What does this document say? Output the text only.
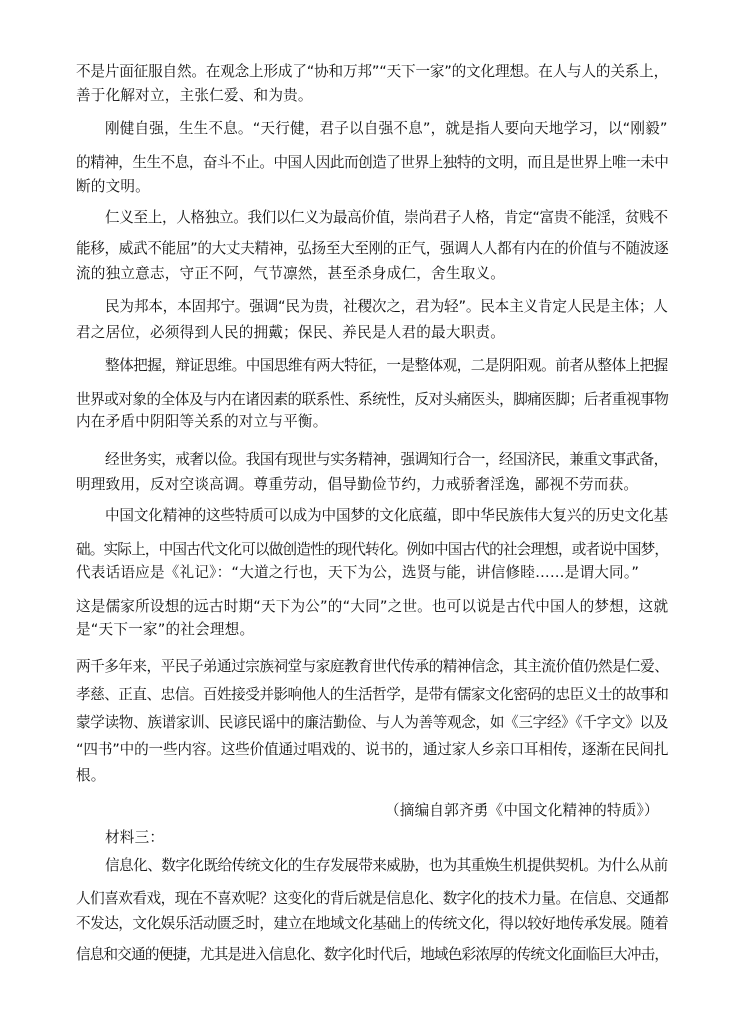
不是片面征服自然。在观念上形成了“协和万邦”“天下一家”的文化理想。在人与人的关系上，
善于化解对立，主张仁爱、和为贵。
刚健自强，生生不息。“天行健，君子以自强不息”，就是指人要向天地学习，以“刚毅”
的精神，生生不息，奋斗不止。中国人因此而创造了世界上独特的文明，而且是世界上唯一未中
断的文明。
仁义至上，人格独立。我们以仁义为最高价值，崇尚君子人格，肯定“富贵不能淫，贫贱不
能移，威武不能屈”的大丈夫精神，弘扬至大至刚的正气，强调人人都有内在的价值与不随波逐
流的独立意志，守正不阿，气节凛然，甚至杀身成仁，舍生取义。
民为邦本，本固邦宁。强调“民为贵，社稷次之，君为轻”。民本主义肯定人民是主体；人
君之居位，必须得到人民的拥戴；保民、养民是人君的最大职责。
整体把握，辩证思维。中国思维有两大特征，一是整体观，二是阴阳观。前者从整体上把握
世界或对象的全体及与内在诸因素的联系性、系统性，反对头痛医头，脚痛医脚；后者重视事物
内在矛盾中阴阳等关系的对立与平衡。
经世务实，戒奢以俭。我国有现世与实务精神，强调知行合一，经国济民，兼重文事武备，
明理致用，反对空谈高调。尊重劳动，倡导勤俭节约，力戒骄奢淫逸，鄙视不劳而获。
中国文化精神的这些特质可以成为中国梦的文化底蕴，即中华民族伟大复兴的历史文化基
础。实际上，中国古代文化可以做创造性的现代转化。例如中国古代的社会理想，或者说中国梦，
代表话语应是《礼记》：“大道之行也，天下为公，选贤与能，讲信修睦……是谓大同。”
这是儒家所设想的远古时期“天下为公”的“大同”之世。也可以说是古代中国人的梦想，这就
是“天下一家”的社会理想。
两千多年来，平民子弟通过宗族祠堂与家庭教育世代传承的精神信念，其主流价值仍然是仁爱、
孝慈、正直、忠信。百姓接受并影响他人的生活哲学，是带有儒家文化密码的忠臣义士的故事和
蒙学读物、族谱家训、民谚民谣中的廉洁勤俭、与人为善等观念，如《三字经》《千字文》以及
“四书”中的一些内容。这些价值通过唱戏的、说书的，通过家人乡亲口耳相传，逐渐在民间扎
根。
（摘编自郭齐勇《中国文化精神的特质》）
材料三：
信息化、数字化既给传统文化的生存发展带来威胁，也为其重焕生机提供契机。为什么从前
人们喜欢看戏，现在不喜欢呢？这变化的背后就是信息化、数字化的技术力量。在信息、交通都
不发达，文化娱乐活动匮乏时，建立在地域文化基础上的传统文化，得以较好地传承发展。随着
信息和交通的便捷，尤其是进入信息化、数字化时代后，地域色彩浓厚的传统文化面临巨大冲击，
